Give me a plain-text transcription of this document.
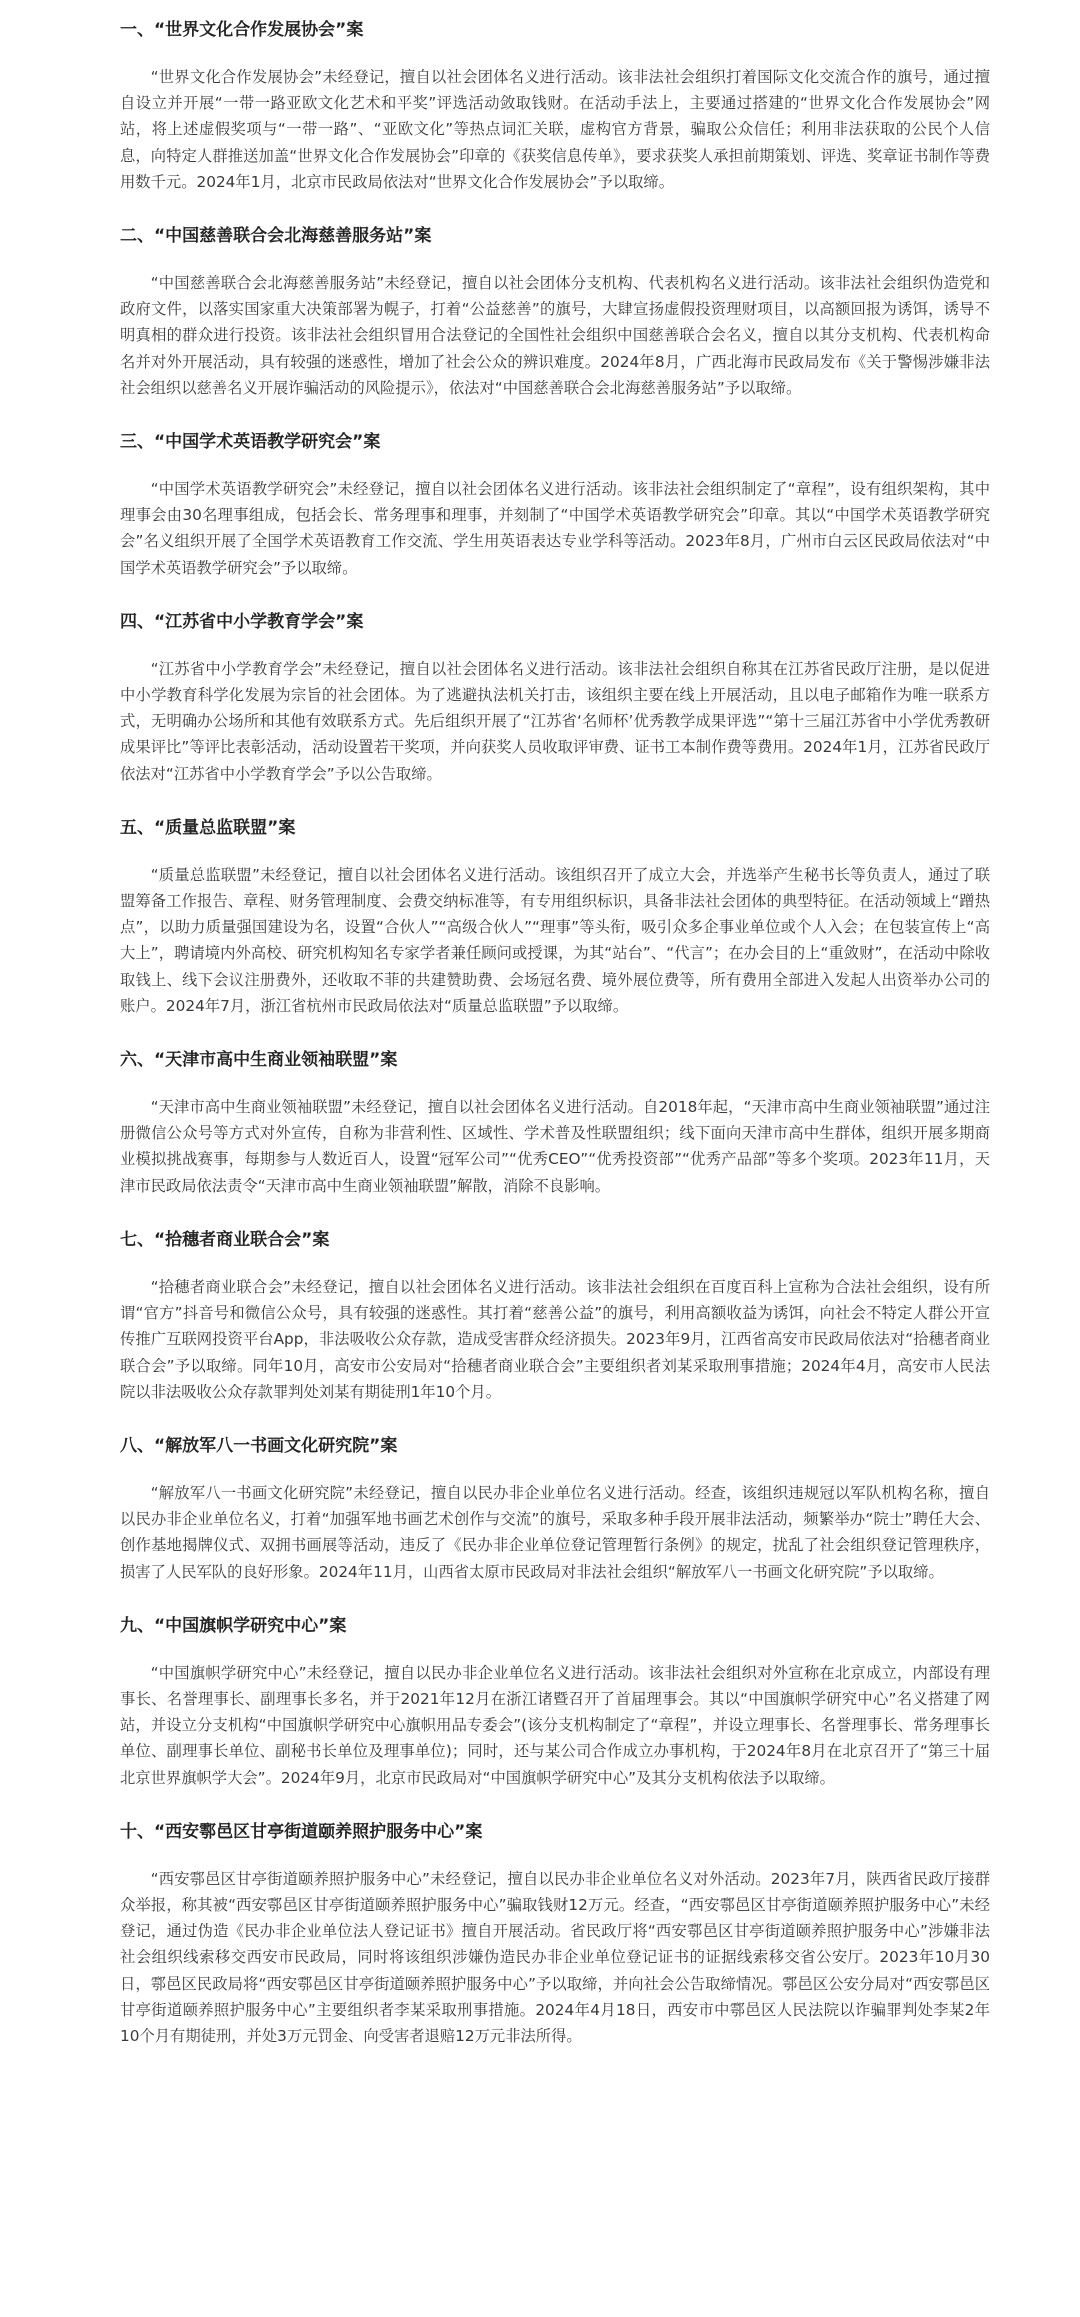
一、“世界文化合作发展协会”案

“世界文化合作发展协会”未经登记，擅自以社会团体名义进行活动。该非法社会组织打着国际文化交流合作的旗号，通过擅自设立并开展“一带一路亚欧文化艺术和平奖”评选活动敛取钱财。在活动手法上，主要通过搭建的“世界文化合作发展协会”网站，将上述虚假奖项与“一带一路”、“亚欧文化”等热点词汇关联，虚构官方背景，骗取公众信任；利用非法获取的公民个人信息，向特定人群推送加盖“世界文化合作发展协会”印章的《获奖信息传单》，要求获奖人承担前期策划、评选、奖章证书制作等费用数千元。2024年1月，北京市民政局依法对“世界文化合作发展协会”予以取缔。

二、“中国慈善联合会北海慈善服务站”案

“中国慈善联合会北海慈善服务站”未经登记，擅自以社会团体分支机构、代表机构名义进行活动。该非法社会组织伪造党和政府文件，以落实国家重大决策部署为幌子，打着“公益慈善”的旗号，大肆宣扬虚假投资理财项目，以高额回报为诱饵，诱导不明真相的群众进行投资。该非法社会组织冒用合法登记的全国性社会组织中国慈善联合会名义，擅自以其分支机构、代表机构命名并对外开展活动，具有较强的迷惑性，增加了社会公众的辨识难度。2024年8月，广西北海市民政局发布《关于警惕涉嫌非法社会组织以慈善名义开展诈骗活动的风险提示》，依法对“中国慈善联合会北海慈善服务站”予以取缔。

三、“中国学术英语教学研究会”案

“中国学术英语教学研究会”未经登记，擅自以社会团体名义进行活动。该非法社会组织制定了“章程”，设有组织架构，其中理事会由30名理事组成，包括会长、常务理事和理事，并刻制了“中国学术英语教学研究会”印章。其以“中国学术英语教学研究会”名义组织开展了全国学术英语教育工作交流、学生用英语表达专业学科等活动。2023年8月，广州市白云区民政局依法对“中国学术英语教学研究会”予以取缔。

四、“江苏省中小学教育学会”案

“江苏省中小学教育学会”未经登记，擅自以社会团体名义进行活动。该非法社会组织自称其在江苏省民政厅注册，是以促进中小学教育科学化发展为宗旨的社会团体。为了逃避执法机关打击，该组织主要在线上开展活动，且以电子邮箱作为唯一联系方式，无明确办公场所和其他有效联系方式。先后组织开展了“江苏省‘名师杯’优秀教学成果评选”“第十三届江苏省中小学优秀教研成果评比”等评比表彰活动，活动设置若干奖项，并向获奖人员收取评审费、证书工本制作费等费用。2024年1月，江苏省民政厅依法对“江苏省中小学教育学会”予以公告取缔。

五、“质量总监联盟”案

“质量总监联盟”未经登记，擅自以社会团体名义进行活动。该组织召开了成立大会，并选举产生秘书长等负责人，通过了联盟筹备工作报告、章程、财务管理制度、会费交纳标准等，有专用组织标识，具备非法社会团体的典型特征。在活动领域上“蹭热点”，以助力质量强国建设为名，设置“合伙人”“高级合伙人”“理事”等头衔，吸引众多企事业单位或个人入会；在包装宣传上“高大上”，聘请境内外高校、研究机构知名专家学者兼任顾问或授课，为其“站台”、“代言”；在办会目的上“重敛财”，在活动中除收取钱上、线下会议注册费外，还收取不菲的共建赞助费、会场冠名费、境外展位费等，所有费用全部进入发起人出资举办公司的账户。2024年7月，浙江省杭州市民政局依法对“质量总监联盟”予以取缔。

六、“天津市高中生商业领袖联盟”案

“天津市高中生商业领袖联盟”未经登记，擅自以社会团体名义进行活动。自2018年起，“天津市高中生商业领袖联盟”通过注册微信公众号等方式对外宣传，自称为非营利性、区域性、学术普及性联盟组织；线下面向天津市高中生群体，组织开展多期商业模拟挑战赛事，每期参与人数近百人，设置“冠军公司”“优秀CEO”“优秀投资部”“优秀产品部”等多个奖项。2023年11月，天津市民政局依法责令“天津市高中生商业领袖联盟”解散，消除不良影响。

七、“拾穗者商业联合会”案

“拾穗者商业联合会”未经登记，擅自以社会团体名义进行活动。该非法社会组织在百度百科上宣称为合法社会组织，设有所谓“官方”抖音号和微信公众号，具有较强的迷惑性。其打着“慈善公益”的旗号，利用高额收益为诱饵，向社会不特定人群公开宣传推广互联网投资平台App，非法吸收公众存款，造成受害群众经济损失。2023年9月，江西省高安市民政局依法对“拾穗者商业联合会”予以取缔。同年10月，高安市公安局对“拾穗者商业联合会”主要组织者刘某采取刑事措施；2024年4月，高安市人民法院以非法吸收公众存款罪判处刘某有期徒刑1年10个月。

八、“解放军八一书画文化研究院”案

“解放军八一书画文化研究院”未经登记，擅自以民办非企业单位名义进行活动。经查，该组织违规冠以军队机构名称，擅自以民办非企业单位名义，打着“加强军地书画艺术创作与交流”的旗号，采取多种手段开展非法活动，频繁举办“院士”聘任大会、创作基地揭牌仪式、双拥书画展等活动，违反了《民办非企业单位登记管理暂行条例》的规定，扰乱了社会组织登记管理秩序，损害了人民军队的良好形象。2024年11月，山西省太原市民政局对非法社会组织“解放军八一书画文化研究院”予以取缔。

九、“中国旗帜学研究中心”案

“中国旗帜学研究中心”未经登记，擅自以民办非企业单位名义进行活动。该非法社会组织对外宣称在北京成立，内部设有理事长、名誉理事长、副理事长多名，并于2021年12月在浙江诸暨召开了首届理事会。其以“中国旗帜学研究中心”名义搭建了网站，并设立分支机构“中国旗帜学研究中心旗帜用品专委会”(该分支机构制定了“章程”，并设立理事长、名誉理事长、常务理事长单位、副理事长单位、副秘书长单位及理事单位)；同时，还与某公司合作成立办事机构，于2024年8月在北京召开了“第三十届北京世界旗帜学大会”。2024年9月，北京市民政局对“中国旗帜学研究中心”及其分支机构依法予以取缔。

十、“西安鄠邑区甘亭街道颐养照护服务中心”案

“西安鄠邑区甘亭街道颐养照护服务中心”未经登记，擅自以民办非企业单位名义对外活动。2023年7月，陕西省民政厅接群众举报，称其被“西安鄠邑区甘亭街道颐养照护服务中心”骗取钱财12万元。经查，“西安鄠邑区甘亭街道颐养照护服务中心”未经登记，通过伪造《民办非企业单位法人登记证书》擅自开展活动。省民政厅将“西安鄠邑区甘亭街道颐养照护服务中心”涉嫌非法社会组织线索移交西安市民政局，同时将该组织涉嫌伪造民办非企业单位登记证书的证据线索移交省公安厅。2023年10月30日，鄠邑区民政局将“西安鄠邑区甘亭街道颐养照护服务中心”予以取缔，并向社会公告取缔情况。鄠邑区公安分局对“西安鄠邑区甘亭街道颐养照护服务中心”主要组织者李某采取刑事措施。2024年4月18日，西安市中鄠邑区人民法院以诈骗罪判处李某2年10个月有期徒刑，并处3万元罚金、向受害者退赔12万元非法所得。
